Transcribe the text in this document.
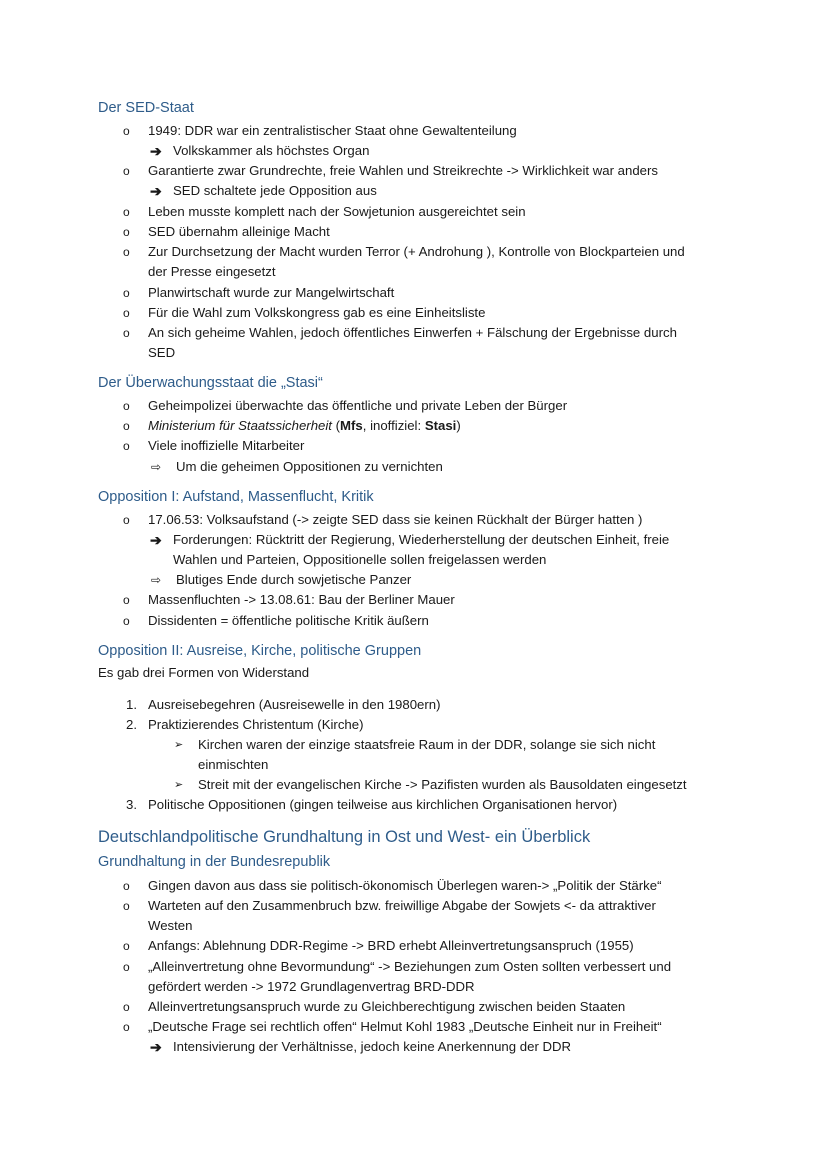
Der SED-Staat
o 1949: DDR war ein zentralistischer Staat ohne Gewaltenteilung
➔ Volkskammer als höchstes Organ
o Garantierte zwar Grundrechte, freie Wahlen und Streikrechte -> Wirklichkeit war anders
➔ SED schaltete jede Opposition aus
o Leben musste komplett nach der Sowjetunion ausgereichtet sein
o SED übernahm alleinige Macht
o Zur Durchsetzung der Macht wurden Terror (+ Androhung ), Kontrolle von Blockparteien und
der Presse eingesetzt
o Planwirtschaft wurde zur Mangelwirtschaft
o Für die Wahl zum Volkskongress gab es eine Einheitsliste
o An sich geheime Wahlen, jedoch öffentliches Einwerfen + Fälschung der Ergebnisse durch
SED
Der Überwachungsstaat die „Stasi“
o Geheimpolizei überwachte das öffentliche und private Leben der Bürger
o Ministerium für Staatssicherheit (Mfs, inoffiziel: Stasi)
o Viele inoffizielle Mitarbeiter
⇨ Um die geheimen Oppositionen zu vernichten
Opposition I: Aufstand, Massenflucht, Kritik
o 17.06.53: Volksaufstand (-> zeigte SED dass sie keinen Rückhalt der Bürger hatten )
➔ Forderungen: Rücktritt der Regierung, Wiederherstellung der deutschen Einheit, freie
Wahlen und Parteien, Oppositionelle sollen freigelassen werden
⇨ Blutiges Ende durch sowjetische Panzer
o Massenfluchten -> 13.08.61: Bau der Berliner Mauer
o Dissidenten = öffentliche politische Kritik äußern
Opposition II: Ausreise, Kirche, politische Gruppen
Es gab drei Formen von Widerstand
1. Ausreisebegehren (Ausreisewelle in den 1980ern)
2. Praktizierendes Christentum (Kirche)
➢ Kirchen waren der einzige staatsfreie Raum in der DDR, solange sie sich nicht
einmischten
➢ Streit mit der evangelischen Kirche -> Pazifisten wurden als Bausoldaten eingesetzt
3. Politische Oppositionen (gingen teilweise aus kirchlichen Organisationen hervor)
Deutschlandpolitische Grundhaltung in Ost und West- ein Überblick
Grundhaltung in der Bundesrepublik
o Gingen davon aus dass sie politisch-ökonomisch Überlegen waren-> „Politik der Stärke“
o Warteten auf den Zusammenbruch bzw. freiwillige Abgabe der Sowjets <- da attraktiver
Westen
o Anfangs: Ablehnung DDR-Regime -> BRD erhebt Alleinvertretungsanspruch (1955)
o „Alleinvertretung ohne Bevormundung“ -> Beziehungen zum Osten sollten verbessert und
gefördert werden -> 1972 Grundlagenvertrag BRD-DDR
o Alleinvertretungsanspruch wurde zu Gleichberechtigung zwischen beiden Staaten
o „Deutsche Frage sei rechtlich offen“ Helmut Kohl 1983 „Deutsche Einheit nur in Freiheit“
➔ Intensivierung der Verhältnisse, jedoch keine Anerkennung der DDR
